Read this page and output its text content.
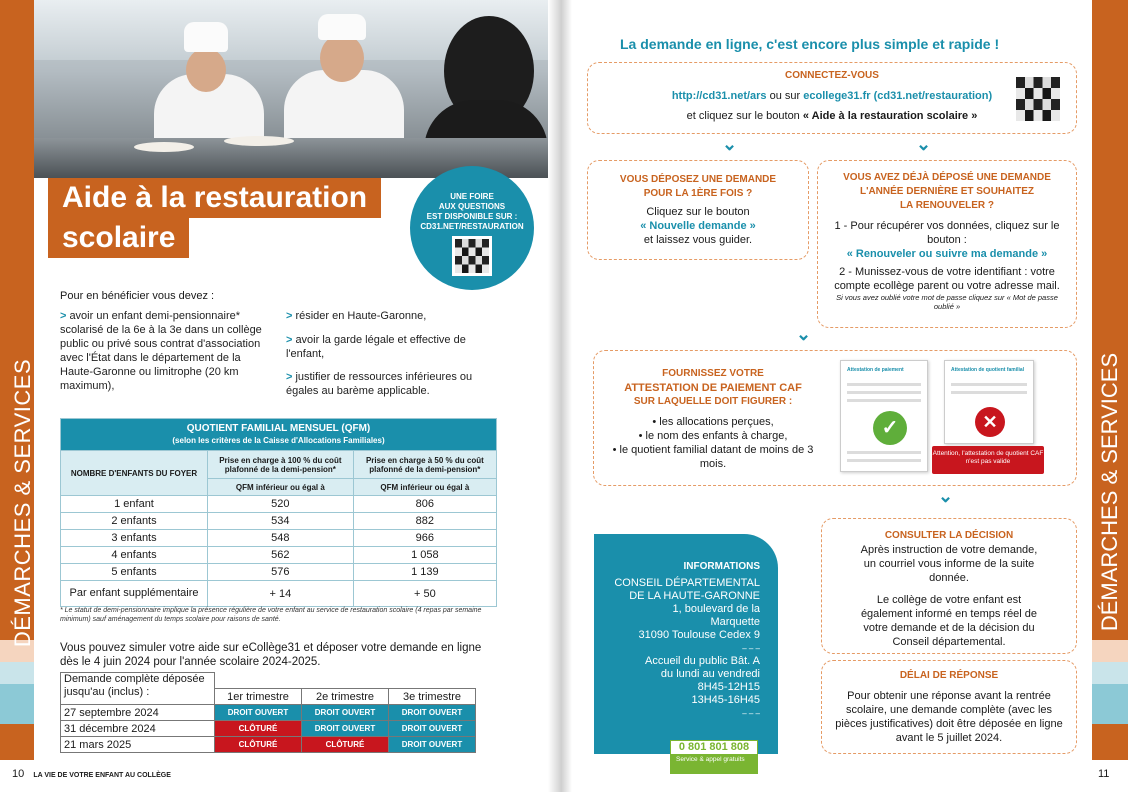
DÉMARCHES & SERVICES
Aide à la restauration
scolaire
UNE FOIRE
AUX QUESTIONS
EST DISPONIBLE SUR :
CD31.NET/RESTAURATION
Pour en bénéficier vous devez :
> avoir un enfant demi-pensionnaire* scolarisé de la 6e à la 3e dans un collège public ou privé sous contrat d'association avec l'État dans le département de la Haute-Garonne ou limitrophe (20 km maximum),
> résider en Haute-Garonne,
> avoir la garde légale et effective de l'enfant,
> justifier de ressources inférieures ou égales au barème applicable.
QUOTIENT FAMILIAL MENSUEL (QFM)
(selon les critères de la Caisse d'Allocations Familiales)		

NOMBRE D'ENFANTS DU FOYER	Prise en charge à 100 % du coût plafonné de la demi-pension*	Prise en charge à 50 % du coût plafonné de la demi-pension*
	QFM inférieur ou égal à	QFM inférieur ou égal à
1 enfant	520	806
2 enfants	534	882
3 enfants	548	966
4 enfants	562	1 058
5 enfants	576	1 139
Par enfant supplémentaire	+ 14	+ 50
* Le statut de demi-pensionnaire implique la présence régulière de votre enfant au service de restauration scolaire (4 repas par semaine minimum) sauf aménagement du temps scolaire pour raisons de santé.
Vous pouvez simuler votre aide sur eCollège31 et déposer votre demande en ligne dès le 4 juin 2024 pour l'année scolaire 2024-2025.
Demande complète déposée jusqu'au (inclus) :			
	1er trimestre	2e trimestre	3e trimestre
27 septembre 2024	DROIT OUVERT	DROIT OUVERT	DROIT OUVERT
31 décembre 2024	CLÔTURÉ	DROIT OUVERT	DROIT OUVERT
21 mars 2025	CLÔTURÉ	CLÔTURÉ	DROIT OUVERT
10 LA VIE DE VOTRE ENFANT AU COLLÈGE
La demande en ligne, c'est encore plus simple et rapide !
CONNECTEZ-VOUS
http://cd31.net/ars ou sur ecollege31.fr (cd31.net/restauration)
et cliquez sur le bouton « Aide à la restauration scolaire »
⌄	⌄
VOUS DÉPOSEZ UNE DEMANDE
POUR LA 1ÈRE FOIS ?
Cliquez sur le bouton
« Nouvelle demande »
et laissez vous guider.
VOUS AVEZ DÉJÀ DÉPOSÉ UNE DEMANDE
L'ANNÉE DERNIÈRE ET SOUHAITEZ
LA RENOUVELER ?
1 - Pour récupérer vos données, cliquez sur le bouton :
« Renouveler ou suivre ma demande »
2 - Munissez-vous de votre identifiant : votre compte ecollège parent ou votre adresse mail.
Si vous avez oublié votre mot de passe cliquez sur « Mot de passe oublié »
⌄
FOURNISSEZ VOTRE
ATTESTATION DE PAIEMENT CAF
SUR LAQUELLE DOIT FIGURER :
• les allocations perçues,
• le nom des enfants à charge,
• le quotient familial datant de moins de 3 mois.
Attestation de paiement
✓
Attestation de quotient familial
✕
Attention, l'attestation de quotient CAF n'est pas valide
⌄
CONSULTER LA DÉCISION
Après instruction de votre demande, un courriel vous informe de la suite donnée.
Le collège de votre enfant est également informé en temps réel de votre demande et de la décision du Conseil départemental.
DÉLAI DE RÉPONSE
Pour obtenir une réponse avant la rentrée scolaire, une demande complète (avec les pièces justificatives) doit être déposée en ligne avant le 5 juillet 2024.
INFORMATIONS
CONSEIL DÉPARTEMENTAL
DE LA HAUTE-GARONNE
1, boulevard de la
Marquette
31090 Toulouse Cedex 9
– – –
Accueil du public Bât. A
du lundi au vendredi
8H45-12H15
13H45-16H45
– – –
Service & appel gratuits
0 801 801 808
DÉMARCHES & SERVICES
11
